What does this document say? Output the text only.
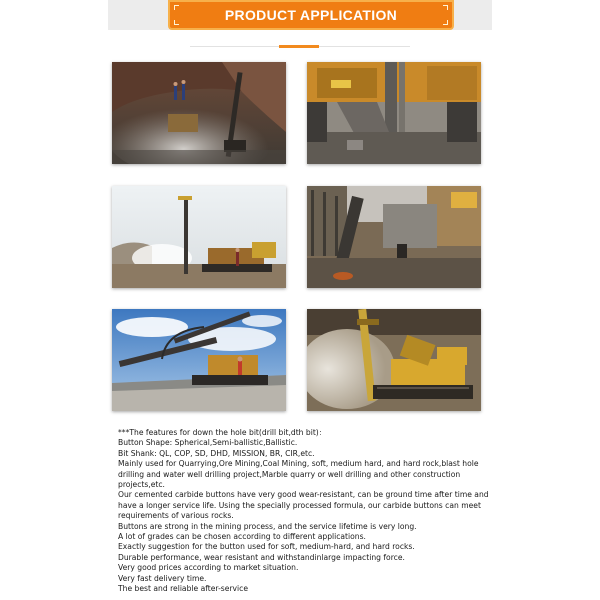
PRODUCT APPLICATION

***The features for down the hole bit(drill bit,dth bit)：

Button Shape: Spherical,Semi-ballistic,Ballistic.

Bit Shank: QL, COP, SD, DHD, MISSION, BR, CIR,etc.

Mainly used for Quarrying,Ore Mining,Coal Mining, soft, medium hard, and hard rock,blast hole drilling and water well drilling project,Marble quarry or well drilling and other construction projects,etc.

Our cemented carbide buttons have very good wear-resistant, can be ground time after time and have a longer service life. Using the specially processed formula, our carbide buttons can meet requirements of various rocks.

Buttons are strong in the mining process, and the service lifetime is very long.

A lot of grades can be chosen according to different applications.

Exactly suggestion for the button used for soft, medium-hard, and hard rocks.

Durable performance, wear resistant and withstandinlarge impacting force.

Very good prices according to market situation.

Very fast delivery time.

The best and reliable after-service
